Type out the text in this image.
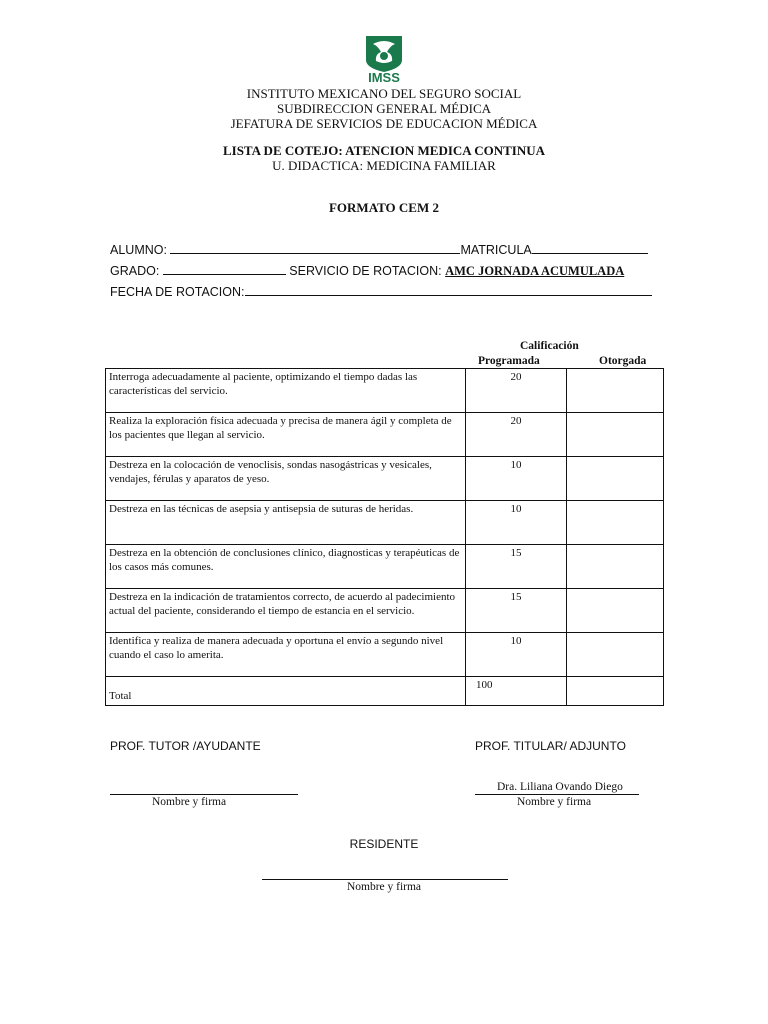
IMSS
INSTITUTO MEXICANO DEL SEGURO SOCIAL
SUBDIRECCION GENERAL MÉDICA
JEFATURA DE SERVICIOS DE EDUCACION MÉDICA
LISTA DE COTEJO: ATENCION MEDICA CONTINUA
U. DIDACTICA: MEDICINA FAMILIAR
FORMATO CEM 2
ALUMNO:	MATRICULA
GRADO:	SERVICIO DE ROTACION: AMC JORNADA ACUMULADA
FECHA DE ROTACION:
Calificación
Programada	Otorgada
Interroga adecuadamente al paciente, optimizando el tiempo dadas las características del servicio.	20	
Realiza la exploración física adecuada y precisa de manera ágil y completa de los pacientes que llegan al servicio.	20	
Destreza en la colocación de venoclisis, sondas nasogástricas y vesicales, vendajes, férulas y aparatos de yeso.	10	
Destreza en las técnicas de asepsia y antisepsia de suturas de heridas.	10	
Destreza en la obtención de conclusiones clínico, diagnosticas y terapéuticas de los casos más comunes.	15	
Destreza en la indicación de tratamientos correcto, de acuerdo al padecimiento actual del paciente, considerando el tiempo de estancia en el servicio.	15	
Identifica y realiza de manera adecuada y oportuna el envío a segundo nivel cuando el caso lo amerita.	10	
Total	100	
PROF. TUTOR /AYUDANTE	PROF. TITULAR/ ADJUNTO
Nombre y firma
Dra. Liliana Ovando Diego
Nombre y firma
RESIDENTE
Nombre y firma
